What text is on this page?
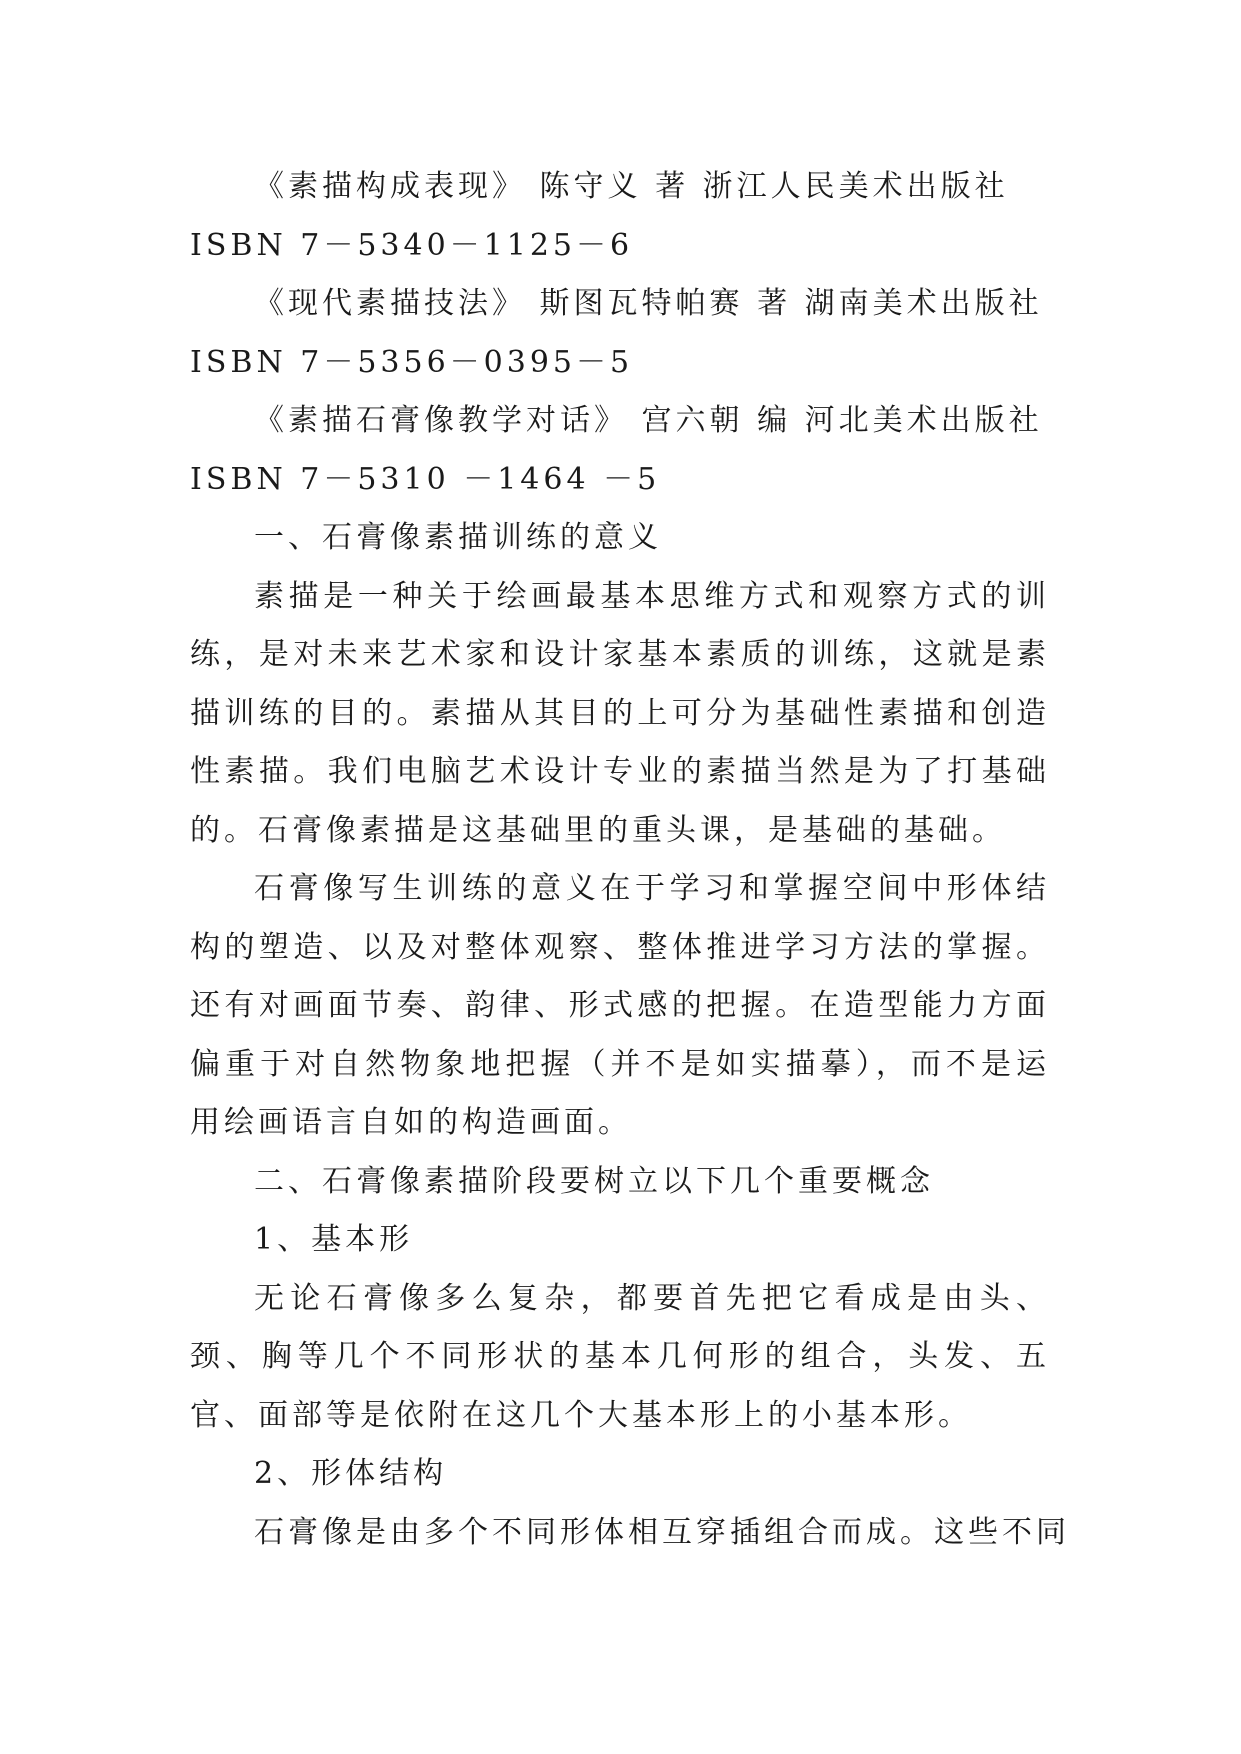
《素描构成表现》 陈守义 著 浙江人民美术出版社

ISBN 7－5340－1125－6

《现代素描技法》 斯图瓦特帕赛 著 湖南美术出版社

ISBN 7－5356－0395－5

《素描石膏像教学对话》 宫六朝 编 河北美术出版社

ISBN 7－5310 －1464 －5

一、石膏像素描训练的意义

素描是一种关于绘画最基本思维方式和观察方式的训练，是对未来艺术家和设计家基本素质的训练，这就是素描训练的目的。素描从其目的上可分为基础性素描和创造性素描。我们电脑艺术设计专业的素描当然是为了打基础的。石膏像素描是这基础里的重头课，是基础的基础。

石膏像写生训练的意义在于学习和掌握空间中形体结构的塑造、以及对整体观察、整体推进学习方法的掌握。还有对画面节奏、韵律、形式感的把握。在造型能力方面偏重于对自然物象地把握（并不是如实描摹），而不是运用绘画语言自如的构造画面。

二、石膏像素描阶段要树立以下几个重要概念

1、基本形

无论石膏像多么复杂，都要首先把它看成是由头、颈、胸等几个不同形状的基本几何形的组合，头发、五官、面部等是依附在这几个大基本形上的小基本形。

2、形体结构

石膏像是由多个不同形体相互穿插组合而成。这些不同
